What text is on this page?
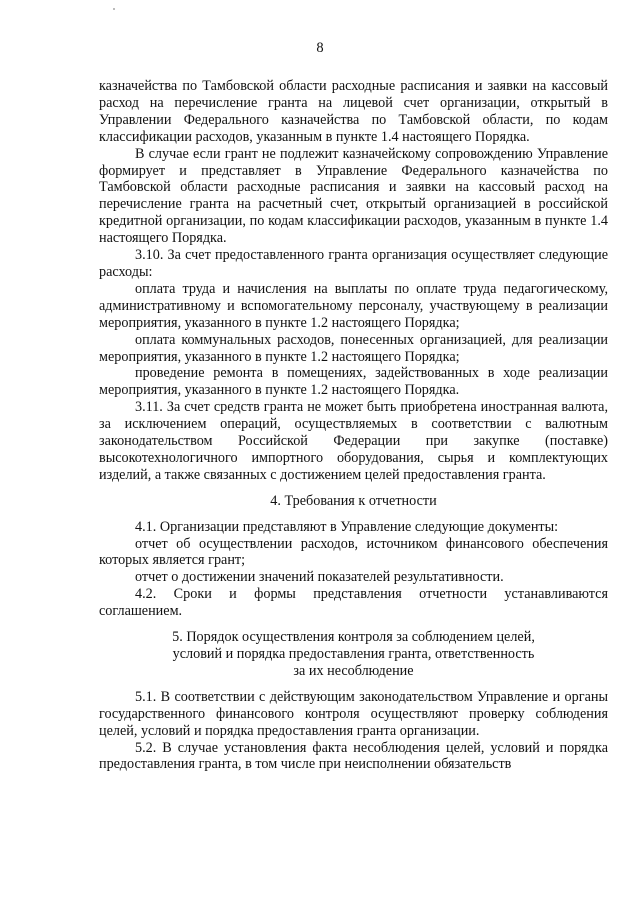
8

казначейства по Тамбовской области расходные расписания и заявки на кассовый расход на перечисление гранта на лицевой счет организации, открытый в Управлении Федерального казначейства по Тамбовской области, по кодам классификации расходов, указанным в пункте 1.4 настоящего Порядка.

В случае если грант не подлежит казначейскому сопровождению Управление формирует и представляет в Управление Федерального казначейства по Тамбовской области расходные расписания и заявки на кассовый расход на перечисление гранта на расчетный счет, открытый организацией в российской кредитной организации, по кодам классификации расходов, указанным в пункте 1.4 настоящего Порядка.

3.10. За счет предоставленного гранта организация осуществляет следующие расходы:

оплата труда и начисления на выплаты по оплате труда педагогическому, административному и вспомогательному персоналу, участвующему в реализации мероприятия, указанного в пункте 1.2 настоящего Порядка;

оплата коммунальных расходов, понесенных организацией, для реализации мероприятия, указанного в пункте 1.2 настоящего Порядка;

проведение ремонта в помещениях, задействованных в ходе реализации мероприятия, указанного в пункте 1.2 настоящего Порядка.

3.11. За счет средств гранта не может быть приобретена иностранная валюта, за исключением операций, осуществляемых в соответствии с валютным законодательством Российской Федерации при закупке (поставке) высокотехнологичного импортного оборудования, сырья и комплектующих изделий, а также связанных с достижением целей предоставления гранта.

4. Требования к отчетности

4.1. Организации представляют в Управление следующие документы:

отчет об осуществлении расходов, источником финансового обеспечения которых является грант;

отчет о достижении значений показателей результативности.

4.2. Сроки и формы представления отчетности устанавливаются соглашением.

5. Порядок осуществления контроля за соблюдением целей,

условий и порядка предоставления гранта, ответственность

за их несоблюдение

5.1. В соответствии с действующим законодательством Управление и органы государственного финансового контроля осуществляют проверку соблюдения целей, условий и порядка предоставления гранта организации.

5.2. В случае установления факта несоблюдения целей, условий и порядка предоставления гранта, в том числе при неисполнении обязательств
